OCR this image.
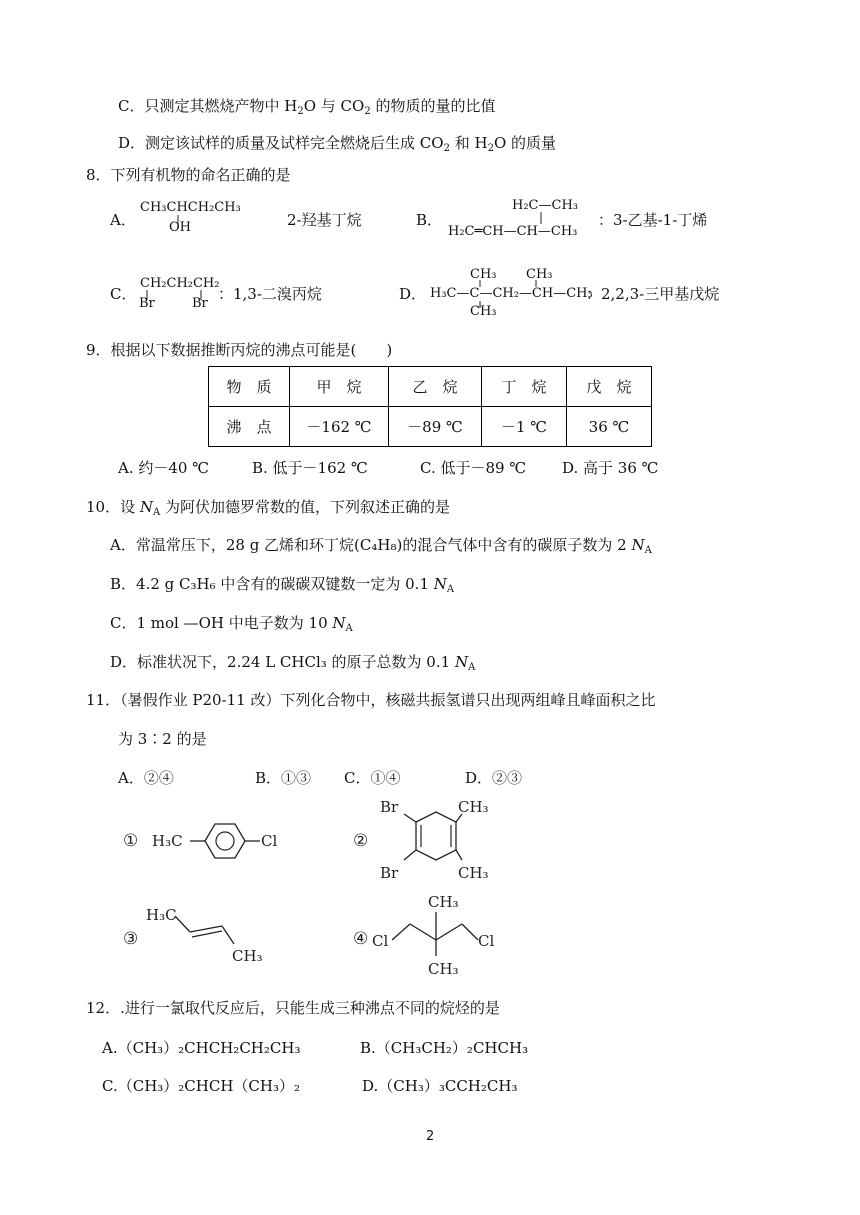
C．只测定其燃烧产物中 $H_2O$ 与 $CO_2$ 的物质的量的比值
D．测定该试样的质量及试样完全燃烧后生成 $CO_2$ 和 $H_2O$ 的质量
8．下列有机物的命名正确的是
A．
CH₃CHCH₂CH₃
OH	2-羟基丁烷	B．
H₂C—CH₃
H₂C═CH—CH—CH₃
：3-乙基-1-丁烯
C．
CH₂CH₂CH₂
Br	Br
：1,3-二溴丙烷	D．
CH₃ CH₃
H₃C—C—CH₂—CH—CH₃
CH₃
：2,2,3-三甲基戊烷
9．根据以下数据推断丙烷的沸点可能是(　　)
物　质	甲　烷	乙　烷	丁　烷	戊　烷
沸　点	－162 ℃	－89 ℃	－1 ℃	36 ℃
A. 约－40 ℃	B. 低于－162 ℃	C. 低于－89 ℃ D. 高于 36 ℃
10．设 $N_A$ 为阿伏加德罗常数的值，下列叙述正确的是
A．常温常压下，28 g 乙烯和环丁烷(C₄H₈)的混合气体中含有的碳原子数为 2 $N_A$
B．4.2 g C₃H₆ 中含有的碳碳双键数一定为 0.1 $N_A$
C．1 mol —OH 中电子数为 10 $N_A$
D．标准状况下，2.24 L CHCl₃ 的原子总数为 0.1 $N_A$
11．（暑假作业 P20-11 改）下列化合物中，核磁共振氢谱只出现两组峰且峰面积之比
为 3∶2 的是
A．②④	B．①③ C．①④	D．②③
① H₃C	Cl	②
Br
Br
CH₃
CH₃
③
H₃C
CH₃
④ Cl	Cl
CH₃
CH₃
12．.进行一氯取代反应后，只能生成三种沸点不同的烷烃的是
A.（CH₃）₂CHCH₂CH₂CH₃	B.（CH₃CH₂）₂CHCH₃
C.（CH₃）₂CHCH（CH₃）₂	D.（CH₃）₃CCH₂CH₃
2
